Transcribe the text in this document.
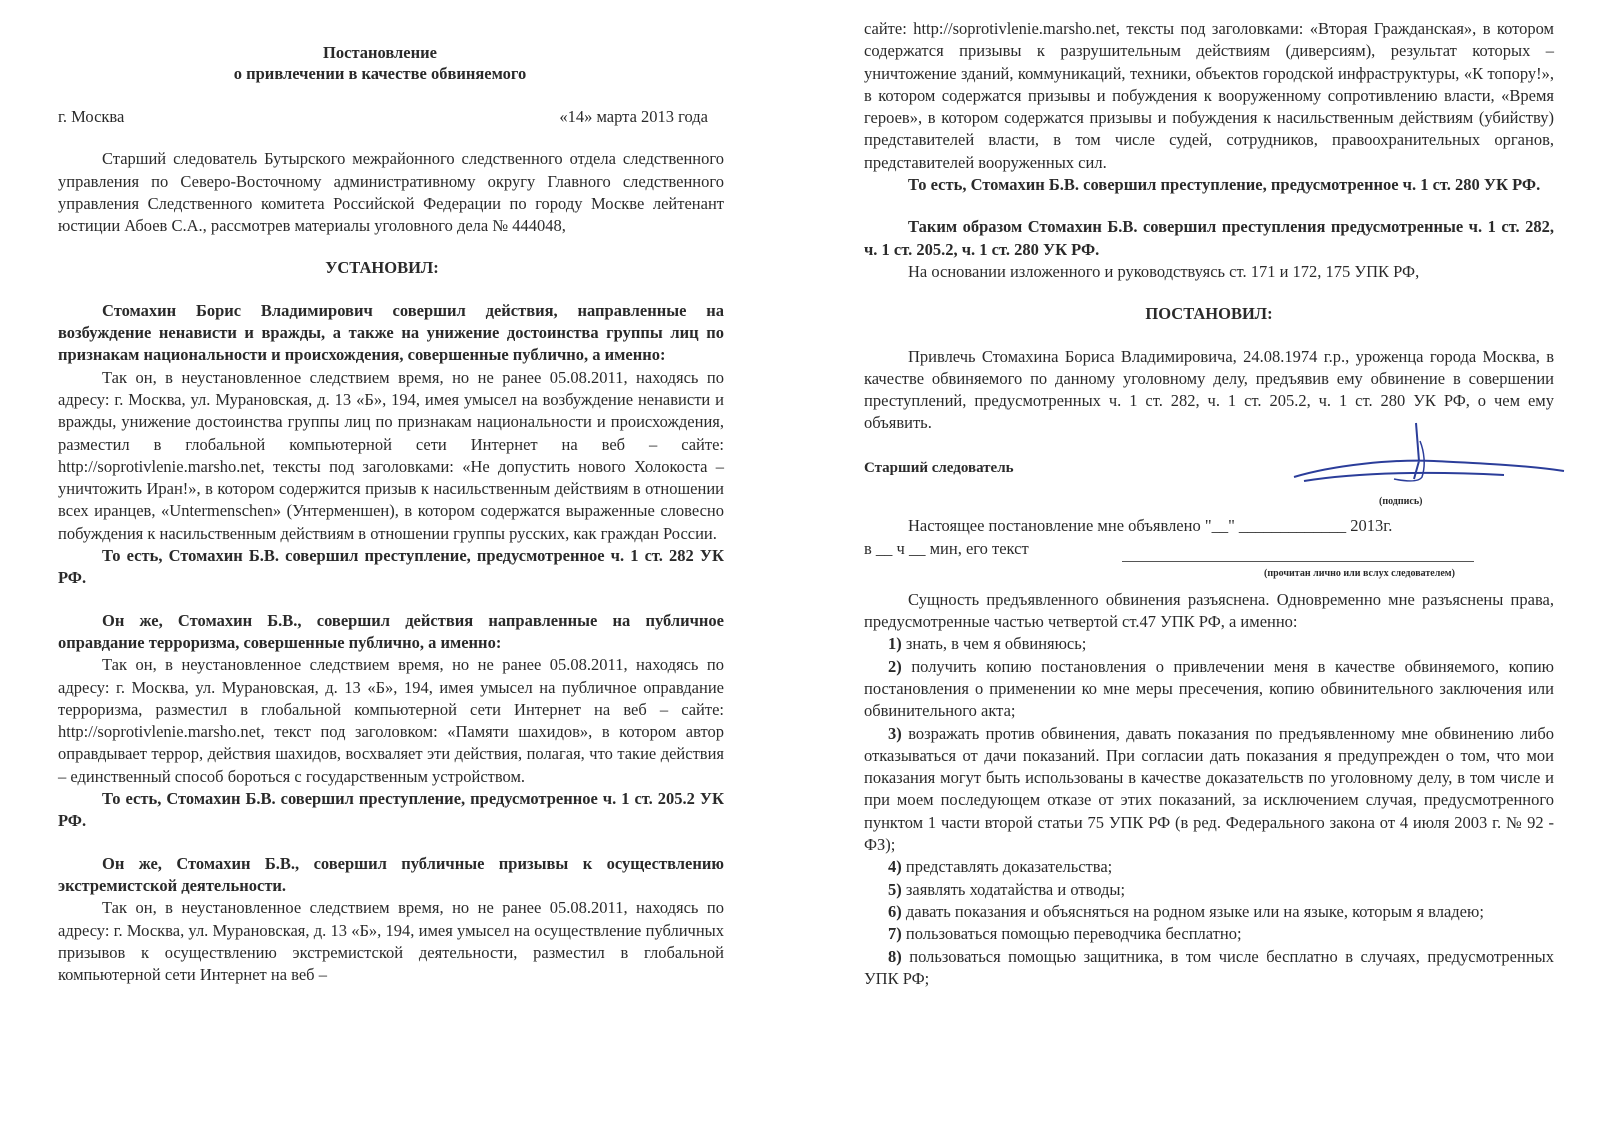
Постановление

о привлечении в качестве обвиняемого

г. Москва	«14» марта 2013 года

Старший следователь Бутырского межрайонного следственного отдела следственного управления по Северо-Восточному административному округу Главного следственного управления Следственного комитета Российской Федерации по городу Москве лейтенант юстиции Абоев С.А., рассмотрев материалы уголовного дела № 444048,

УСТАНОВИЛ:

Стомахин Борис Владимирович совершил действия, направленные на возбуждение ненависти и вражды, а также на унижение достоинства группы лиц по признакам национальности и происхождения, совершенные публично, а именно:

Так он, в неустановленное следствием время, но не ранее 05.08.2011, находясь по адресу: г. Москва, ул. Мурановская, д. 13 «Б», 194, имея умысел на возбуждение ненависти и вражды, унижение достоинства группы лиц по признакам национальности и происхождения, разместил в глобальной компьютерной сети Интернет на веб – сайте: http://soprotivlenie.marsho.net, тексты под заголовками: «Не допустить нового Холокоста – уничтожить Иран!», в котором содержится призыв к насильственным действиям в отношении всех иранцев, «Untermenschen» (Унтерменшен), в котором содержатся выраженные словесно побуждения к насильственным действиям в отношении группы русских, как граждан России.

То есть, Стомахин Б.В. совершил преступление, предусмотренное ч. 1 ст. 282 УК РФ.

Он же, Стомахин Б.В., совершил действия направленные на публичное оправдание терроризма, совершенные публично, а именно:

Так он, в неустановленное следствием время, но не ранее 05.08.2011, находясь по адресу: г. Москва, ул. Мурановская, д. 13 «Б», 194, имея умысел на публичное оправдание терроризма, разместил в глобальной компьютерной сети Интернет на веб – сайте: http://soprotivlenie.marsho.net, текст под заголовком: «Памяти шахидов», в котором автор оправдывает террор, действия шахидов, восхваляет эти действия, полагая, что такие действия – единственный способ бороться с государственным устройством.

То есть, Стомахин Б.В. совершил преступление, предусмотренное ч. 1 ст. 205.2 УК РФ.

Он же, Стомахин Б.В., совершил публичные призывы к осуществлению экстремистской деятельности.

Так он, в неустановленное следствием время, но не ранее 05.08.2011, находясь по адресу: г. Москва, ул. Мурановская, д. 13 «Б», 194, имея умысел на осуществление публичных призывов к осуществлению экстремистской деятельности, разместил в глобальной компьютерной сети Интернет на веб –

сайте: http://soprotivlenie.marsho.net, тексты под заголовками: «Вторая Гражданская», в котором содержатся призывы к разрушительным действиям (диверсиям), результат которых – уничтожение зданий, коммуникаций, техники, объектов городской инфраструктуры, «К топору!», в котором содержатся призывы и побуждения к вооруженному сопротивлению власти, «Время героев», в котором содержатся призывы и побуждения к насильственным действиям (убийству) представителей власти, в том числе судей, сотрудников, правоохранительных органов, представителей вооруженных сил.

То есть, Стомахин Б.В. совершил преступление, предусмотренное ч. 1 ст. 280 УК РФ.

Таким образом Стомахин Б.В. совершил преступления предусмотренные ч. 1 ст. 282, ч. 1 ст. 205.2, ч. 1 ст. 280 УК РФ.

На основании изложенного и руководствуясь ст. 171 и 172, 175 УПК РФ,

ПОСТАНОВИЛ:

Привлечь Стомахина Бориса Владимировича, 24.08.1974 г.р., уроженца города Москва, в качестве обвиняемого по данному уголовному делу, предъявив ему обвинение в совершении преступлений, предусмотренных ч. 1 ст. 282, ч. 1 ст. 205.2, ч. 1 ст. 280 УК РФ, о чем ему объявить.

Старший следователь
(подпись)
Настоящее постановление мне объявлено "__" _____________ 2013г.
в __ ч __ мин, его текст
(прочитан лично или вслух следователем)

Сущность предъявленного обвинения разъяснена. Одновременно мне разъяснены права, предусмотренные частью четвертой ст.47 УПК РФ, а именно:

1) знать, в чем я обвиняюсь;

2) получить копию постановления о привлечении меня в качестве обвиняемого, копию постановления о применении ко мне меры пресечения, копию обвинительного заключения или обвинительного акта;

3) возражать против обвинения, давать показания по предъявленному мне обвинению либо отказываться от дачи показаний. При согласии дать показания я предупрежден о том, что мои показания могут быть использованы в качестве доказательств по уголовному делу, в том числе и при моем последующем отказе от этих показаний, за исключением случая, предусмотренного пунктом 1 части второй статьи 75 УПК РФ (в ред. Федерального закона от 4 июля 2003 г. № 92 - ФЗ);

4) представлять доказательства;

5) заявлять ходатайства и отводы;

6) давать показания и объясняться на родном языке или на языке, которым я владею;

7) пользоваться помощью переводчика бесплатно;

8) пользоваться помощью защитника, в том числе бесплатно в случаях, предусмотренных УПК РФ;
